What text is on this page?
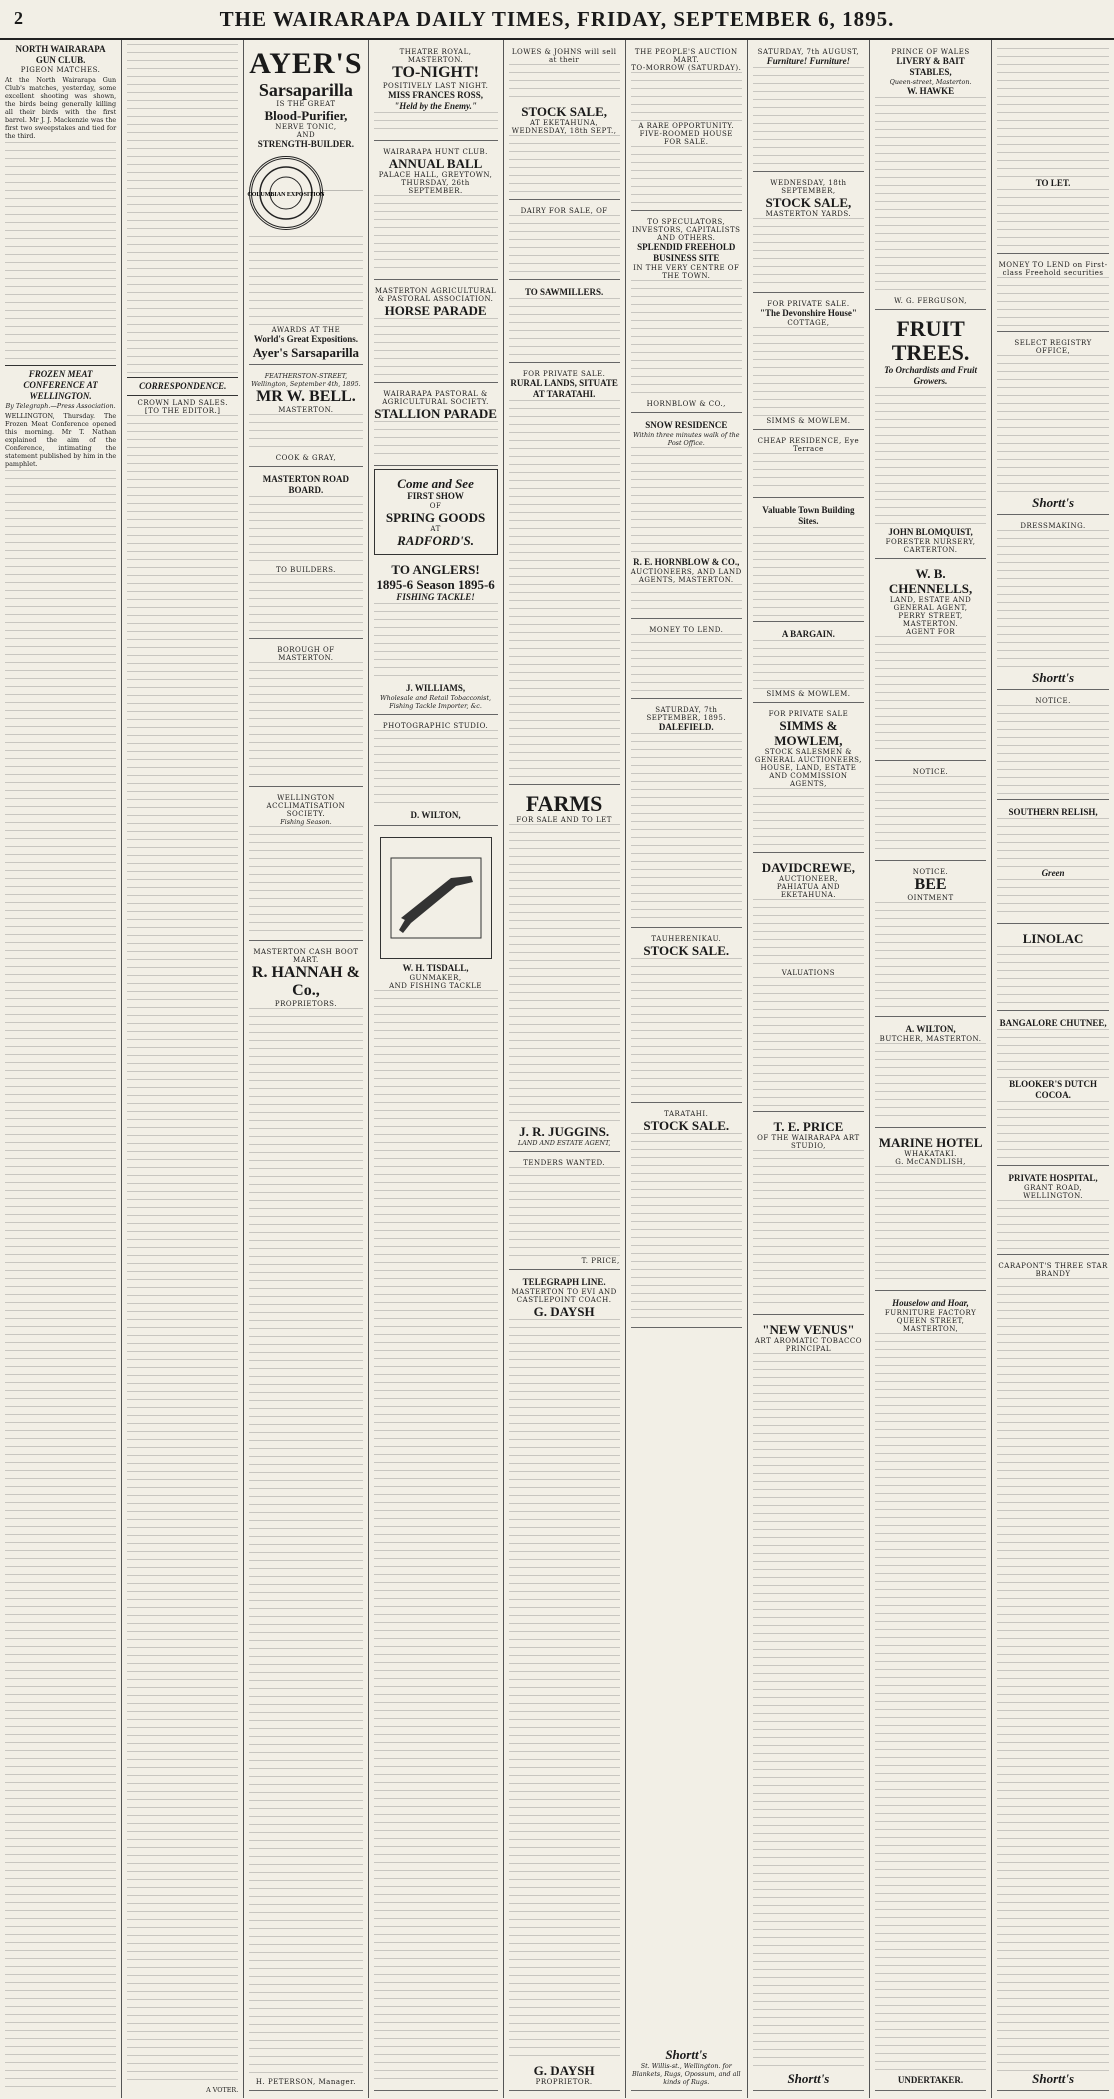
2	THE WAIRARAPA DAILY TIMES, FRIDAY, SEPTEMBER 6, 1895.
NORTH WAIRARAPA GUN CLUB.
PIGEON MATCHES.
At the North Wairarapa Gun Club's matches, yesterday, some excellent shooting was shown, the birds being generally killing all their birds with the first barrel. Mr J. J. Mackenzie was the first two sweepstakes and tied for the third.
FROZEN MEAT CONFERENCE AT WELLINGTON.
By Telegraph.—Press Association.
WELLINGTON, Thursday. The Frozen Meat Conference opened this morning. Mr T. Nathan explained the aim of the Conference, intimating the statement published by him in the pamphlet.
CORRESPONDENCE.
CROWN LAND SALES.
[TO THE EDITOR.]
A VOTER.
AYER'S
Sarsaparilla
IS THE GREAT
Blood-Purifier,
NERVE TONIC,
AND
STRENGTH-BUILDER.
COLUMBIAN EXPOSITION
AWARDS AT THE
World's Great Expositions.
Ayer's Sarsaparilla
FEATHERSTON-STREET, Wellington, September 4th, 1895.
MR W. BELL.
MASTERTON.
COOK & GRAY,
MASTERTON ROAD BOARD.
TO BUILDERS.
BOROUGH OF MASTERTON.
WELLINGTON ACCLIMATISATION SOCIETY.
Fishing Season.
MASTERTON CASH BOOT MART.
R. HANNAH & Co.,
PROPRIETORS.
H. PETERSON, Manager.
THEATRE ROYAL, MASTERTON.
TO-NIGHT!
POSITIVELY LAST NIGHT.
MISS FRANCES ROSS,
"Held by the Enemy."
WAIRARAPA HUNT CLUB.
ANNUAL BALL
PALACE HALL, GREYTOWN,
THURSDAY, 26th SEPTEMBER.
MASTERTON AGRICULTURAL & PASTORAL ASSOCIATION.
HORSE PARADE
WAIRARAPA PASTORAL & AGRICULTURAL SOCIETY.
STALLION PARADE
Come and See
FIRST SHOW
OF
SPRING GOODS
AT
RADFORD'S.
TO ANGLERS!
1895-6 Season 1895-6
FISHING TACKLE!
J. WILLIAMS,
Wholesale and Retail Tobacconist, Fishing Tackle Importer, &c.
PHOTOGRAPHIC STUDIO.
D. WILTON,
W. H. TISDALL,
GUNMAKER,
AND FISHING TACKLE
LOWES & JOHNS will sell at their
STOCK SALE,
AT EKETAHUNA,
WEDNESDAY, 18th SEPT.,
DAIRY FOR SALE, OF
TO SAWMILLERS.
FOR PRIVATE SALE.
RURAL LANDS, SITUATE AT TARATAHI.
FARMS
FOR SALE AND TO LET
J. R. JUGGINS.
LAND AND ESTATE AGENT,
TENDERS WANTED.
T. PRICE,
TELEGRAPH LINE.
MASTERTON TO EVI AND CASTLEPOINT COACH.
G. DAYSH
G. DAYSH
PROPRIETOR.
THE PEOPLE'S AUCTION MART.
TO-MORROW (SATURDAY).
A RARE OPPORTUNITY.
FIVE-ROOMED HOUSE FOR SALE.
TO SPECULATORS, INVESTORS, CAPITALISTS AND OTHERS.
SPLENDID FREEHOLD BUSINESS SITE
IN THE VERY CENTRE OF THE TOWN.
HORNBLOW & CO.,
SNOW RESIDENCE
Within three minutes walk of the Post Office.
R. E. HORNBLOW & CO.,
AUCTIONEERS, AND LAND AGENTS, MASTERTON.
MONEY TO LEND.
SATURDAY, 7th SEPTEMBER, 1895.
DALEFIELD.
TAUHERENIKAU.
STOCK SALE.
TARATAHI.
STOCK SALE.
Shortt's
St. Willis-st., Wellington. for Blankets, Rugs, Opossum, and all kinds of Rugs.
SATURDAY, 7th AUGUST,
Furniture! Furniture!
WEDNESDAY, 18th SEPTEMBER,
STOCK SALE,
MASTERTON YARDS.
FOR PRIVATE SALE.
"The Devonshire House"
COTTAGE,
SIMMS & MOWLEM.
CHEAP RESIDENCE, Eye Terrace
Valuable Town Building Sites.
A BARGAIN.
SIMMS & MOWLEM.
FOR PRIVATE SALE
SIMMS & MOWLEM,
STOCK SALESMEN & GENERAL AUCTIONEERS,
HOUSE, LAND, ESTATE AND COMMISSION AGENTS,
DAVIDCREWE,
AUCTIONEER,
PAHIATUA AND EKETAHUNA.
VALUATIONS
T. E. PRICE
OF THE WAIRARAPA ART STUDIO,
"NEW VENUS"
ART AROMATIC TOBACCO PRINCIPAL
Shortt's
PRINCE OF WALES
LIVERY & BAIT STABLES,
Queen-street, Masterton.
W. HAWKE
W. G. FERGUSON,
FRUIT TREES.
To Orchardists and Fruit Growers.
JOHN BLOMQUIST,
FORESTER NURSERY, CARTERTON.
W. B. CHENNELLS,
LAND, ESTATE AND GENERAL AGENT,
PERRY STREET, MASTERTON.
AGENT FOR
NOTICE.
NOTICE.
BEE
OINTMENT
A. WILTON,
BUTCHER, MASTERTON.
MARINE HOTEL
WHAKATAKI.
G. McCANDLISH,
Houselow and Hoar,
FURNITURE FACTORY
QUEEN STREET,
MASTERTON,
UNDERTAKER.
TO LET.
MONEY TO LEND on First-class Freehold securities
SELECT REGISTRY OFFICE,
Shortt's
DRESSMAKING.
Shortt's
NOTICE.
SOUTHERN RELISH,
Green
LINOLAC
BANGALORE CHUTNEE,
BLOOKER'S DUTCH COCOA.
PRIVATE HOSPITAL,
GRANT ROAD, WELLINGTON.
CARAPONT'S THREE STAR BRANDY
Shortt's
